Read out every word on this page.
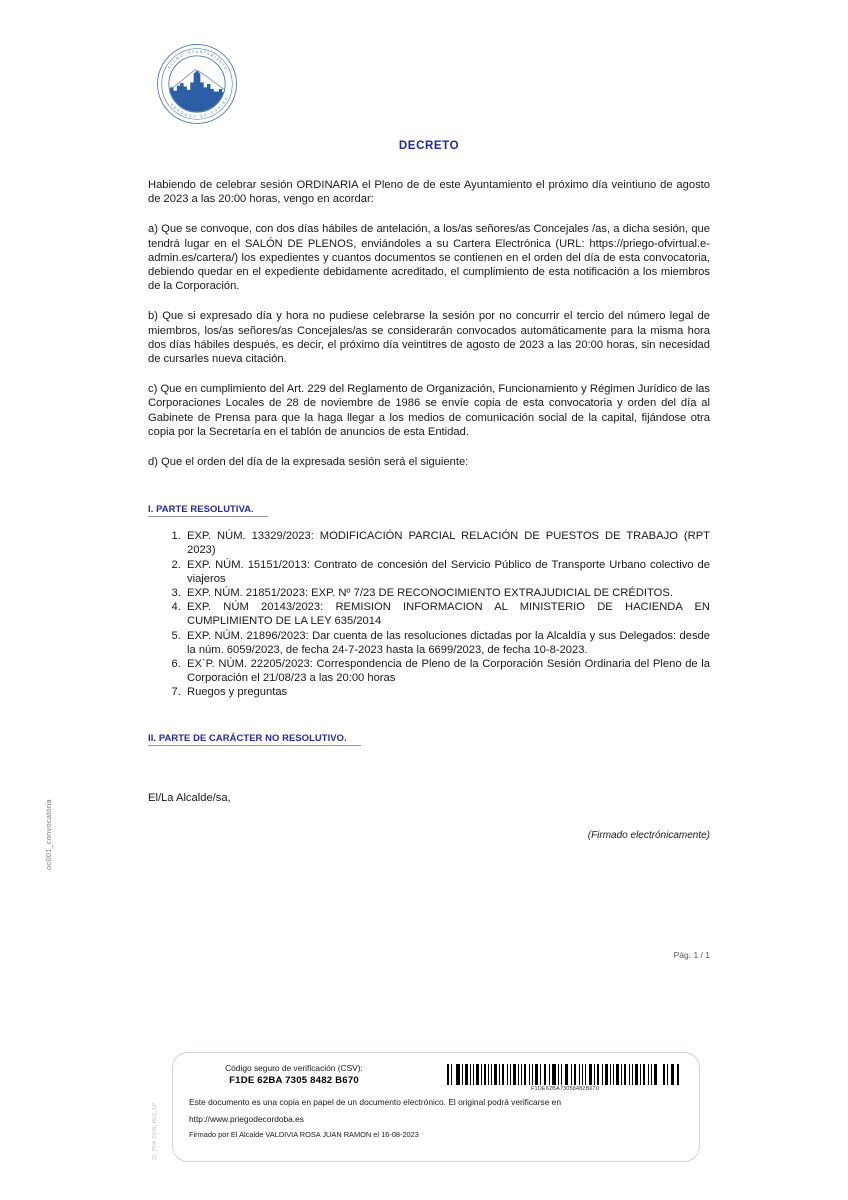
oc001_convocatoria
EXCMO. AYUNTAMIENTO
PRIEGO DE CORDOBA
DECRETO

Habiendo de celebrar sesión ORDINARIA el Pleno de de este Ayuntamiento el próximo día veintiuno de agosto de 2023 a las 20:00 horas, vengo en acordar:

a) Que se convoque, con dos días hábiles de antelación, a los/as señores/as Concejales /as, a dicha sesión, que tendrá lugar en el SALÓN DE PLENOS, enviándoles a su Cartera Electrónica (URL: https://priego-ofvirtual.e-admin.es/cartera/) los expedientes y cuantos documentos se contienen en el orden del día de esta convocatoria, debiendo quedar en el expediente debidamente acreditado, el cumplimiento de esta notificación a los miembros de la Corporación.

b) Que si expresado día y hora no pudiese celebrarse la sesión por no concurrir el tercio del número legal de miembros, los/as señores/as Concejales/as se considerarán convocados automáticamente para la misma hora dos días hábiles después, es decir, el próximo día veintitres de agosto de 2023 a las 20:00 horas, sin necesidad de cursarles nueva citación.

c) Que en cumplimiento del Art. 229 del Reglamento de Organización, Funcionamiento y Régimen Jurídico de las Corporaciones Locales de 28 de noviembre de 1986 se envíe copia de esta convocatoria y orden del día al Gabinete de Prensa para que la haga llegar a los medios de comunicación social de la capital, fijándose otra copia por la Secretaría en el tablón de anuncios de esta Entidad.

d) Que el orden del día de la expresada sesión será el siguiente:

I. PARTE RESOLUTIVA.
1. EXP. NÚM. 13329/2023: MODIFICACIÓN PARCIAL RELACIÓN DE PUESTOS DE TRABAJO (RPT 2023)
2. EXP. NÚM. 15151/2013: Contrato de concesión del Servicio Público de Transporte Urbano colectivo de viajeros
3. EXP. NÚM. 21851/2023: EXP. Nº 7/23 DE RECONOCIMIENTO EXTRAJUDICIAL DE CRÉDITOS.
4. EXP. NÚM 20143/2023: REMISION INFORMACION AL MINISTERIO DE HACIENDA EN CUMPLIMIENTO DE LA LEY 635/2014
5. EXP. NÚM. 21896/2023: Dar cuenta de las resoluciones dictadas por la Alcaldía y sus Delegados: desde la núm. 6059/2023, de fecha 24-7-2023 hasta la 6699/2023, de fecha 10-8-2023.
6. EX`P. NÚM. 22205/2023: Correspondencia de Pleno de la Corporación Sesión Ordinaria del Pleno de la Corporación el 21/08/23 a las 20:00 horas
7. Ruegos y preguntas
II. PARTE DE CARÁCTER NO RESOLUTIVO.
El/La Alcalde/sa,
(Firmado electrónicamente)
Pág. 1 / 1
Código seguro de verificación (CSV):
F1DE 62BA 7305 8482 B670
F1DE62BA73058482B670
Este documento es una copia en papel de un documento electrónico. El original podrá verificarse en
http://www.priegodecordoba.es
Firmado por El Alcalde VALDIVIA ROSA JUAN RAMON el 16-08-2023
20_PDA-SIGN_REQ_EP
